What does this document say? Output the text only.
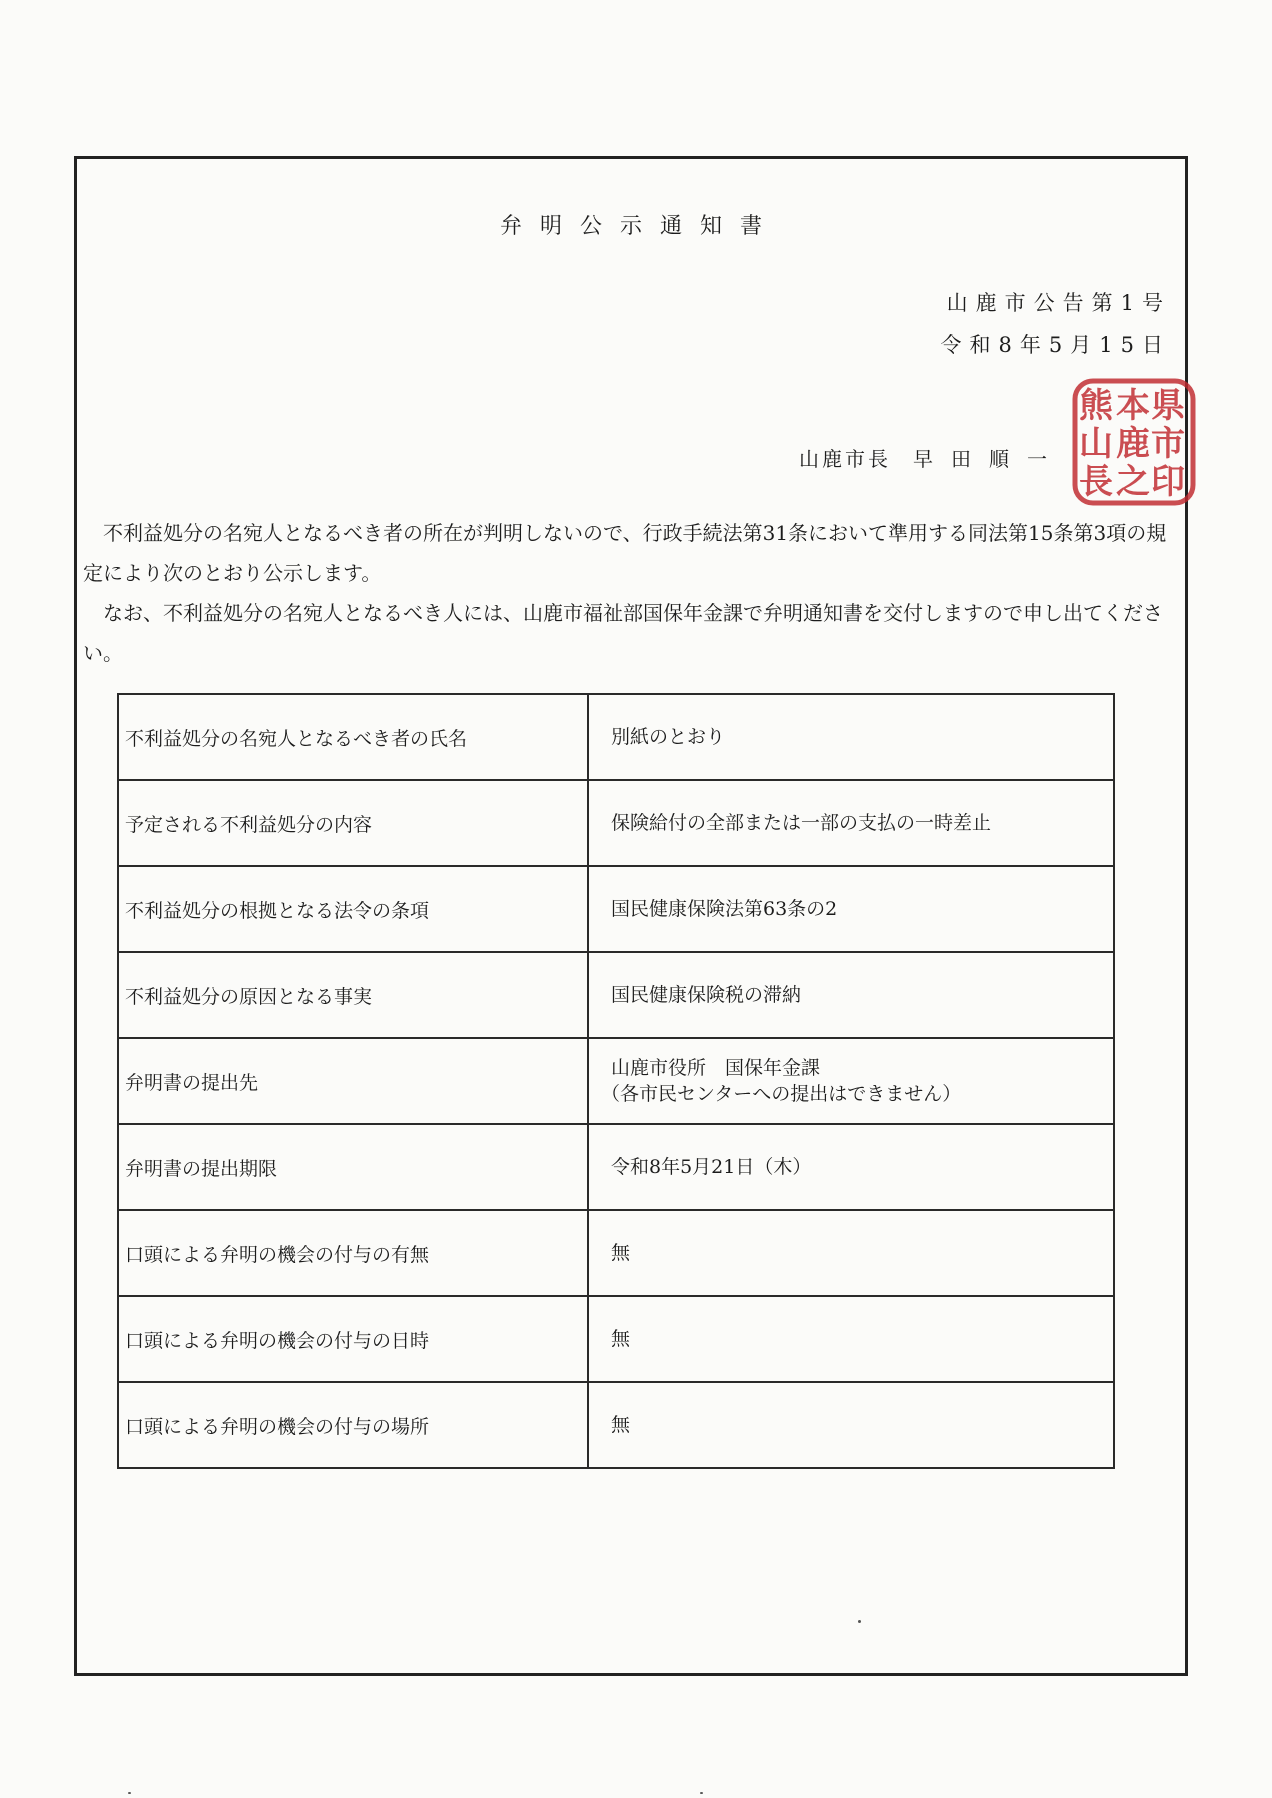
弁明公示通知書
山鹿市公告第1号
令和8年5月15日
山鹿市長 早田順一
県
市
印
本
鹿
之
熊
山
長
不利益処分の名宛人となるべき者の所在が判明しないので、行政手続法第31条において準用する同法第15条第3項の規定により次のとおり公示します。
なお、不利益処分の名宛人となるべき人には、山鹿市福祉部国保年金課で弁明通知書を交付しますので申し出てください。
不利益処分の名宛人となるべき者の氏名	別紙のとおり
予定される不利益処分の内容	保険給付の全部または一部の支払の一時差止
不利益処分の根拠となる法令の条項	国民健康保険法第63条の2
不利益処分の原因となる事実	国民健康保険税の滞納
弁明書の提出先	山鹿市役所　国保年金課
（各市民センターへの提出はできません）

弁明書の提出期限	令和8年5月21日（木）
口頭による弁明の機会の付与の有無	無
口頭による弁明の機会の付与の日時	無
口頭による弁明の機会の付与の場所	無
